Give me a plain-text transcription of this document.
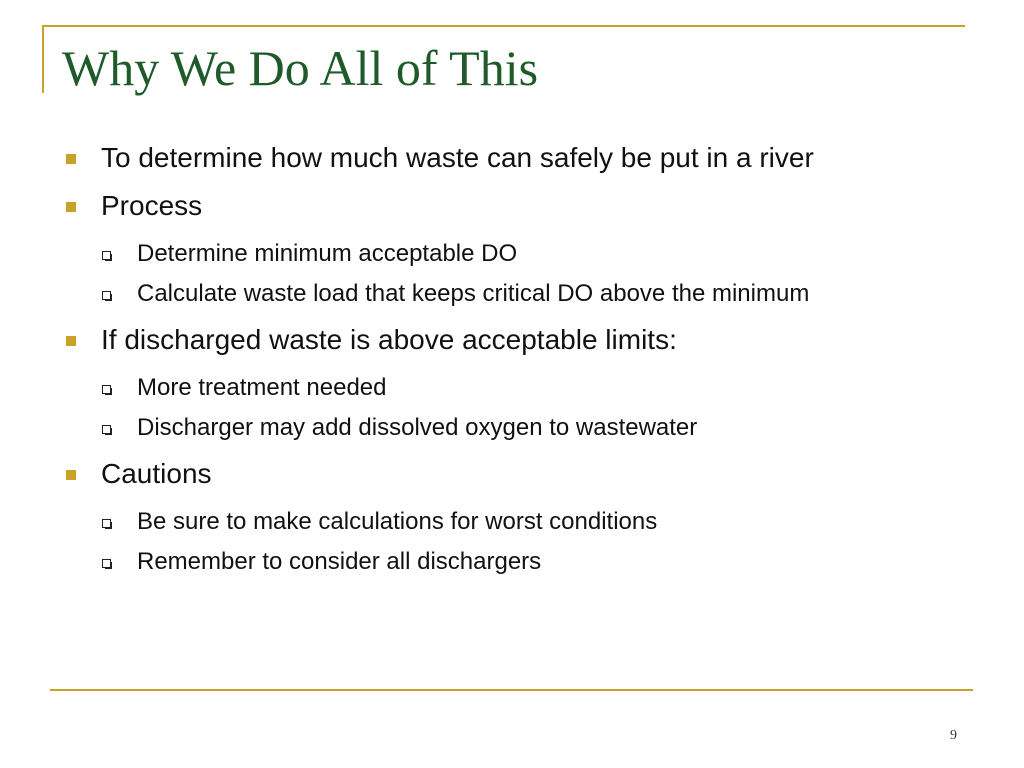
Why We Do All of This
To determine how much waste can safely be put in a river
Process
Determine minimum acceptable DO
Calculate waste load that keeps critical DO above the minimum
If discharged waste is above acceptable limits:
More treatment needed
Discharger may add dissolved oxygen to wastewater
Cautions
Be sure to make calculations for worst conditions
Remember to consider all dischargers
9
